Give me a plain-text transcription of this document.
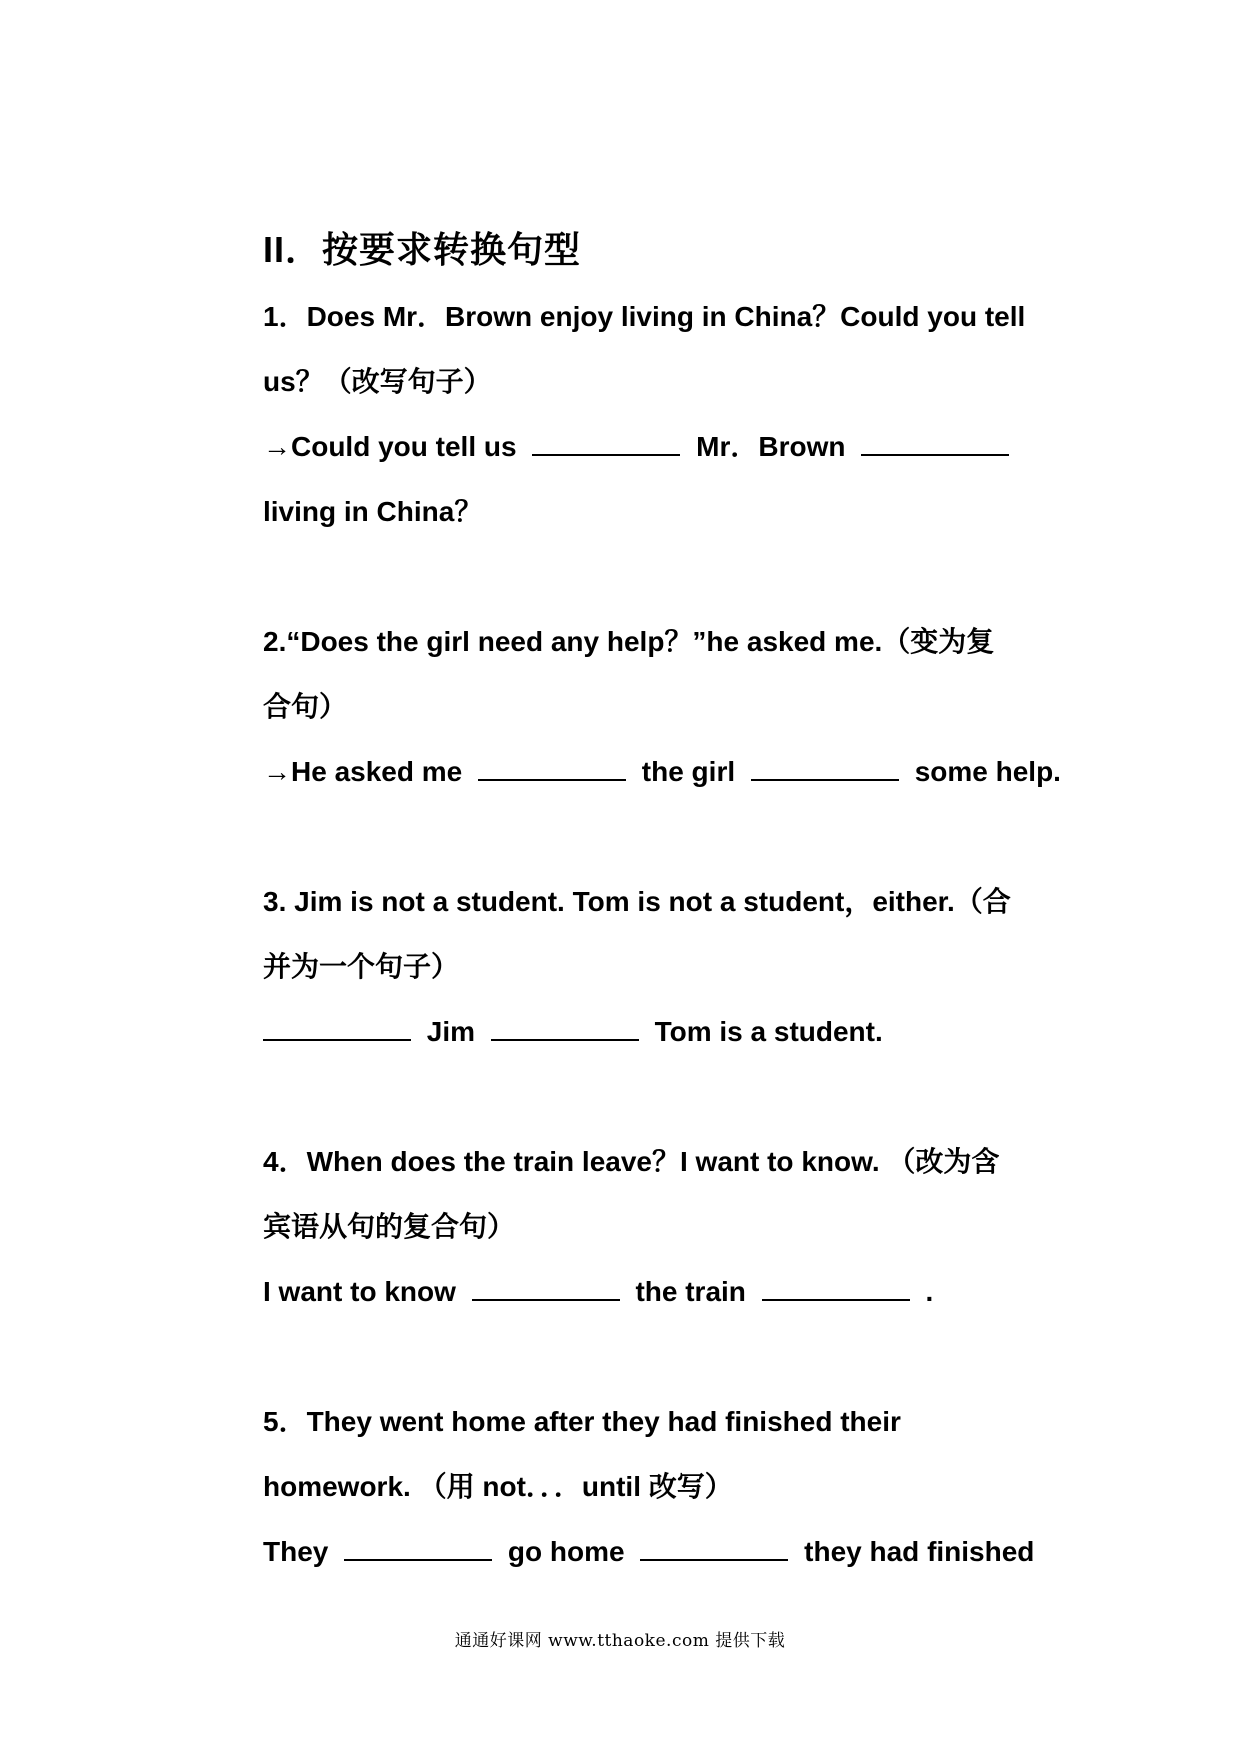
II．按要求转换句型
1．Does Mr．Brown enjoy living in China？Could you tell
us？（改写句子）
→Could you tell us	Mr．Brown
living in China？
2.“Does the girl need any help？”he asked me.（变为复
合句）
→He asked me	the girl	some help.
3. Jim is not a student. Tom is not a student，either.（合
并为一个句子）
Jim	Tom is a student.
4．When does the train leave？I want to know. （改为含
宾语从句的复合句）
I want to know	the train	.
5．They went home after they had finished their
homework. （用 not．．．until 改写）
They	go home	they had finished
通通好课网 www.tthaoke.com 提供下载
